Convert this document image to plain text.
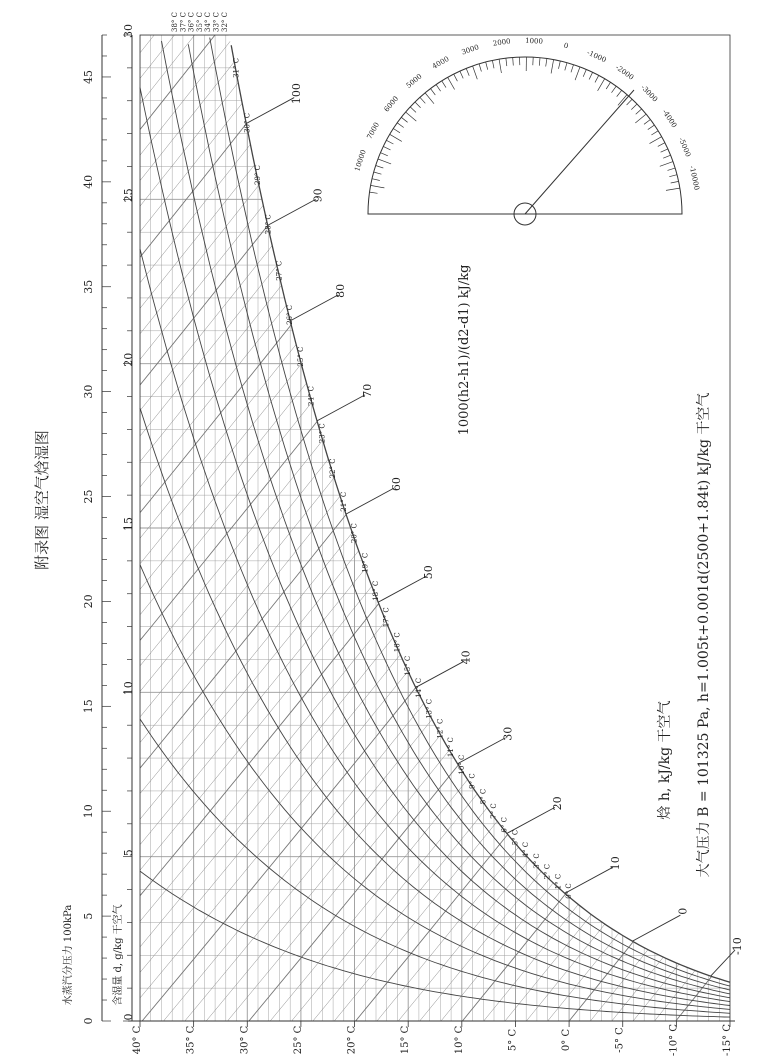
100
90
80
70
60
50
40
30
20
10
0
-10
31° C
30° C
29° C
28° C
27° C
26° C
25° C
24° C
23° C
22° C
21° C
20° C
19° C
18° C
17° C
16° C
15° C
14° C
13° C
12° C
11° C
10° C
9° C
8° C
7° C
6° C
5° C
4° C
3° C
2° C
1° C
0° C
38° C 37° C 36° C 35° C 34° C 33° C 32° C
0
5
10
15
20
25
30
35
40
45
0
5
10
15
20
25
30
40° C	35° C	30° C	25° C	20° C	15° C	10° C	5° C	0° C	-5° C	-10° C	-15° C
10000
7000
6000
5000
4000
3000
2000 1000
0
-1000
-2000
-3000
-4000
-5000
-10000
附录图 湿空气焓湿图
水蒸汽分压力 100kPa	含湿量 d, g/kg 干空气
1000(h2-h1)/(d2-d1) kJ/kg
焓 h, kJ/kg 干空气 大气压力 B = 101325 Pa, h=1.005t+0.001d(2500+1.84t) kJ/kg 干空气
